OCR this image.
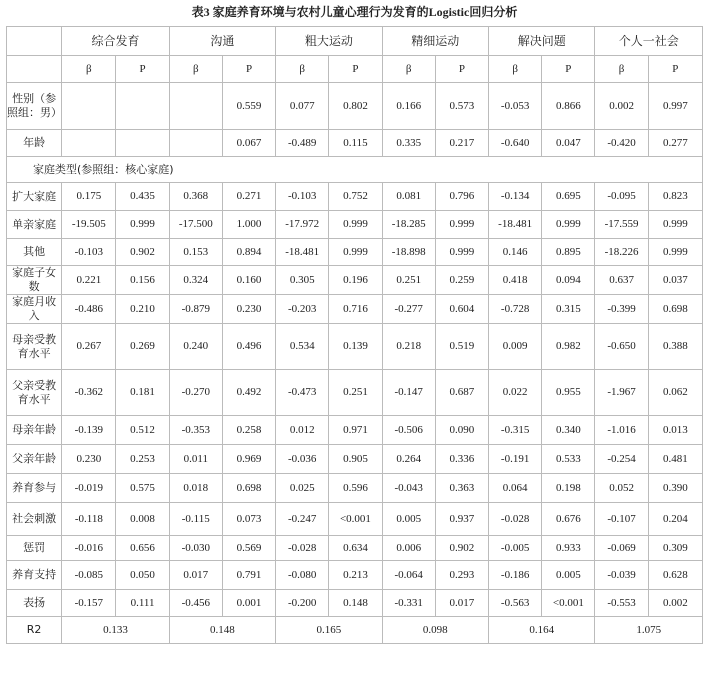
表3 家庭养育环境与农村儿童心理行为发育的Logistic回归分析
	综合发育		沟通		粗大运动		精细运动		解决问题		个人一社会	
	β	P	β	P	β	P	β	P	β	P	β	P
性别（参照组：男）				0.559	0.077	0.802	0.166	0.573	-0.053	0.866	0.002	0.997
年龄				0.067	-0.489	0.115	0.335	0.217	-0.640	0.047	-0.420	0.277
家庭类型(参照组：核心家庭)												
扩大家庭	0.175	0.435	0.368	0.271	-0.103	0.752	0.081	0.796	-0.134	0.695	-0.095	0.823
单亲家庭	-19.505	0.999	-17.500	1.000	-17.972	0.999	-18.285	0.999	-18.481	0.999	-17.559	0.999
其他	-0.103	0.902	0.153	0.894	-18.481	0.999	-18.898	0.999	0.146	0.895	-18.226	0.999
家庭子女数	0.221	0.156	0.324	0.160	0.305	0.196	0.251	0.259	0.418	0.094	0.637	0.037
家庭月收入	-0.486	0.210	-0.879	0.230	-0.203	0.716	-0.277	0.604	-0.728	0.315	-0.399	0.698
母亲受教育水平	0.267	0.269	0.240	0.496	0.534	0.139	0.218	0.519	0.009	0.982	-0.650	0.388
父亲受教育水平	-0.362	0.181	-0.270	0.492	-0.473	0.251	-0.147	0.687	0.022	0.955	-1.967	0.062
母亲年龄	-0.139	0.512	-0.353	0.258	0.012	0.971	-0.506	0.090	-0.315	0.340	-1.016	0.013
父亲年龄	0.230	0.253	0.011	0.969	-0.036	0.905	0.264	0.336	-0.191	0.533	-0.254	0.481
养育参与	-0.019	0.575	0.018	0.698	0.025	0.596	-0.043	0.363	0.064	0.198	0.052	0.390
社会刺激	-0.118	0.008	-0.115	0.073	-0.247	<0.001	0.005	0.937	-0.028	0.676	-0.107	0.204
惩罚	-0.016	0.656	-0.030	0.569	-0.028	0.634	0.006	0.902	-0.005	0.933	-0.069	0.309
养育支持	-0.085	0.050	0.017	0.791	-0.080	0.213	-0.064	0.293	-0.186	0.005	-0.039	0.628
表扬	-0.157	0.111	-0.456	0.001	-0.200	0.148	-0.331	0.017	-0.563	<0.001	-0.553	0.002
R2	0.133		0.148		0.165		0.098		0.164		1.075	
